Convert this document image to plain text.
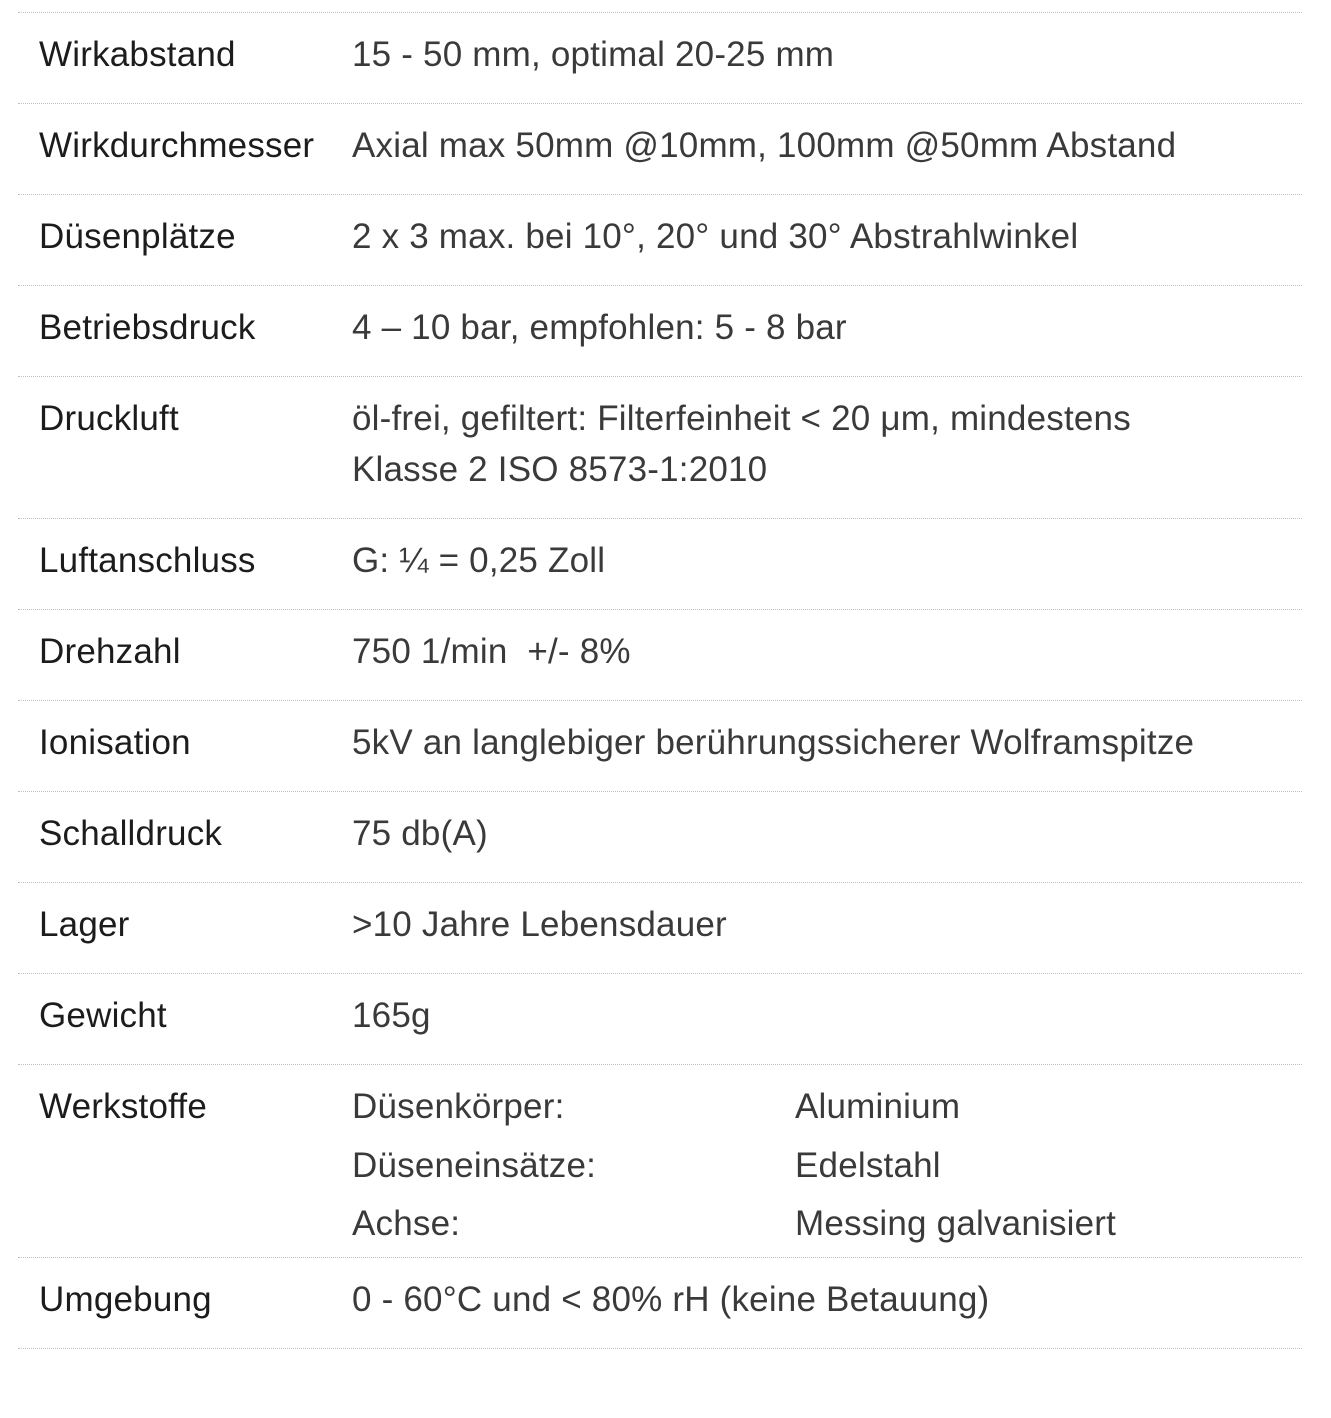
Wirkabstand	15 - 50 mm, optimal 20-25 mm
Wirkdurchmesser	Axial max 50mm @10mm, 100mm @50mm Abstand
Düsenplätze	2 x 3 max. bei 10°, 20° und 30° Abstrahlwinkel
Betriebsdruck	4 – 10 bar, empfohlen: 5 - 8 bar
Druckluft	öl-frei, gefiltert: Filterfeinheit < 20 μm, mindestens
Klasse 2 ISO 8573-1:2010
Luftanschluss	G: ¼ = 0,25 Zoll
Drehzahl	750 1/min  +/- 8%
Ionisation	5kV an langlebiger berührungssicherer Wolframspitze
Schalldruck	75 db(A)
Lager	>10 Jahre Lebensdauer
Gewicht	165g
Werkstoffe	Düsenkörper:	Aluminium
Düseneinsätze:	Edelstahl
Achse:	Messing galvanisiert
Umgebung	0 - 60°C und < 80% rH (keine Betauung)
